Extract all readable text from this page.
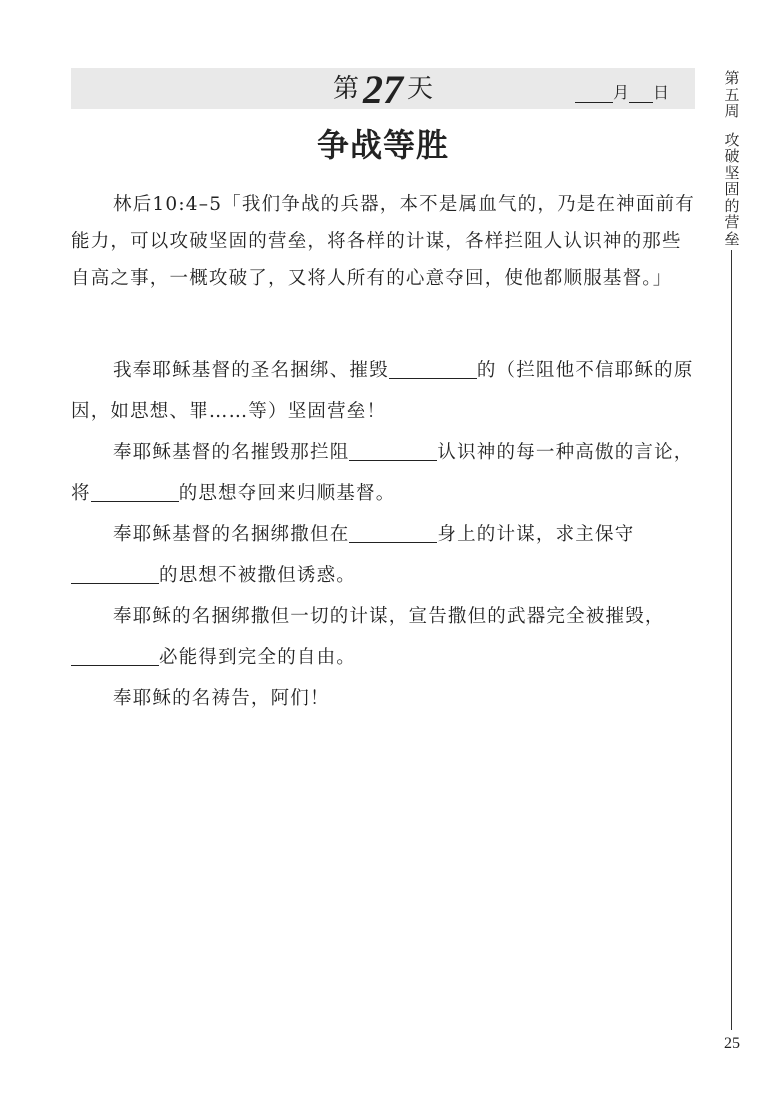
第 27 天	月 日
争战等胜

林后10:4–5「我们争战的兵器，本不是属血气的，乃是在神面前有能力，可以攻破坚固的营垒，将各样的计谋，各样拦阻人认识神的那些自高之事，一概攻破了，又将人所有的心意夺回，使他都顺服基督。」

我奉耶稣基督的圣名捆绑、摧毁	的（拦阻他不信耶稣的原因，如思想、罪……等）坚固营垒！

奉耶稣基督的名摧毁那拦阻	认识神的每一种高傲的言论，将	的思想夺回来归顺基督。

奉耶稣基督的名捆绑撒但在	身上的计谋，求主保守的思想不被撒但诱惑。

奉耶稣的名捆绑撒但一切的计谋，宣告撒但的武器完全被摧毁，必能得到完全的自由。

奉耶稣的名祷告，阿们！

第
五
周
攻
破
坚
固
的
营
垒
25
